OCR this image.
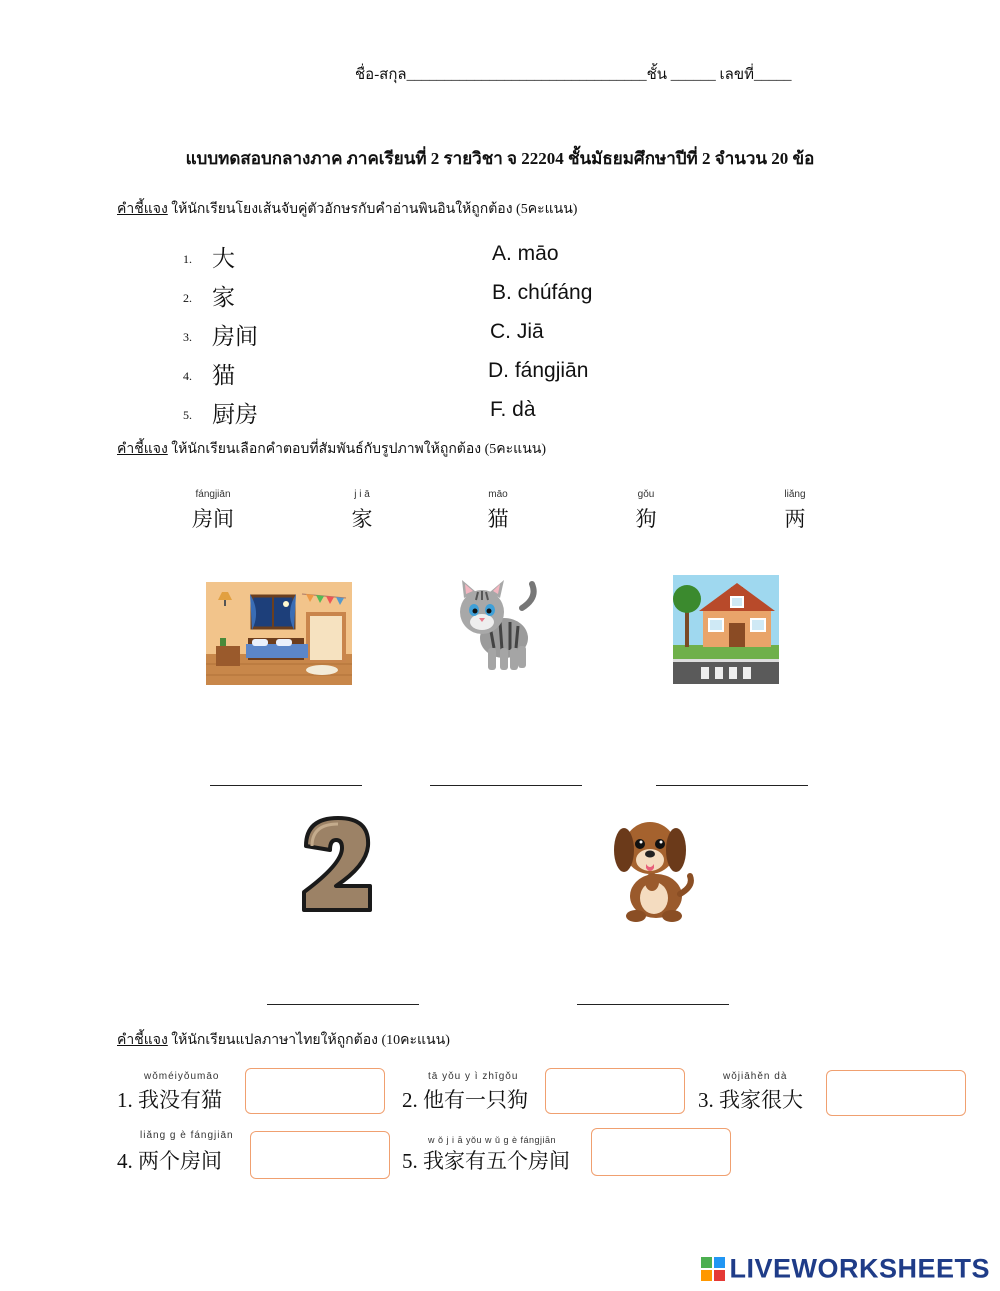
ชื่อ-สกุล________________________________ชั้น ______ เลขที่_____
แบบทดสอบกลางภาค ภาคเรียนที่ 2 รายวิชา จ 22204 ชั้นมัธยมศึกษาปีที่ 2 จำนวน 20 ข้อ
คำชี้แจง ให้นักเรียนโยงเส้นจับคู่ตัวอักษรกับคำอ่านพินอินให้ถูกต้อง (5คะแนน)
1. 大	A. māo
2. 家	B. chúfáng
3. 房间	C. Jiā
4. 猫	D. fángjiān
5. 厨房	F. dà
คำชี้แจง ให้นักเรียนเลือกคำตอบที่สัมพันธ์กับรูปภาพให้ถูกต้อง (5คะแนน)
fángjiān
房间
j i ā
家
māo
猫
gǒu
狗
liǎng
两
คำชี้แจง ให้นักเรียนแปลภาษาไทยให้ถูกต้อง (10คะแนน)
wǒméiyǒumāo
1. 我没有猫
tā yǒu y ì zhīgǒu
2. 他有一只狗
wǒjiāhěn dà
3. 我家很大
liǎng g è fángjiān
4. 两个房间
w ǒ j i ā yǒu w ǔ g è fángjiān
5. 我家有五个房间
LIVEWORKSHEETS
